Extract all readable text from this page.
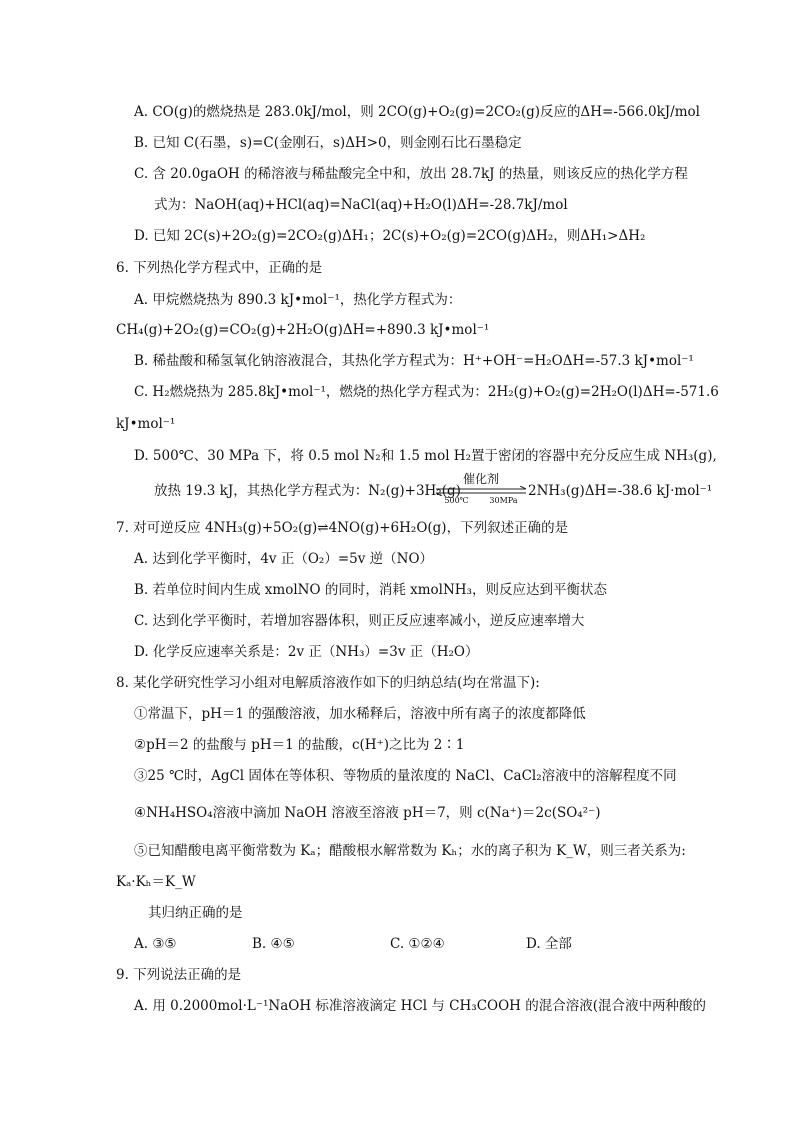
A. CO(g)的燃烧热是 283.0kJ/mol，则 2CO(g)+O₂(g)=2CO₂(g)反应的ΔH=-566.0kJ/mol
B. 已知 C(石墨，s)=C(金刚石，s)ΔH>0，则金刚石比石墨稳定
C. 含 20.0gaOH 的稀溶液与稀盐酸完全中和，放出 28.7kJ 的热量，则该反应的热化学方程
式为：NaOH(aq)+HCl(aq)=NaCl(aq)+H₂O(l)ΔH=-28.7kJ/mol
D. 已知 2C(s)+2O₂(g)=2CO₂(g)ΔH₁；2C(s)+O₂(g)=2CO(g)ΔH₂，则ΔH₁>ΔH₂
6. 下列热化学方程式中，正确的是
A. 甲烷燃烧热为 890.3 kJ•mol⁻¹，热化学方程式为：
CH₄(g)+2O₂(g)=CO₂(g)+2H₂O(g)ΔH=+890.3 kJ•mol⁻¹
B. 稀盐酸和稀氢氧化钠溶液混合，其热化学方程式为：H⁺+OH⁻=H₂OΔH=-57.3 kJ•mol⁻¹
C. H₂燃烧热为 285.8kJ•mol⁻¹，燃烧的热化学方程式为：2H₂(g)+O₂(g)=2H₂O(l)ΔH=-571.6
kJ•mol⁻¹
D. 500℃、30 MPa 下，将 0.5 mol N₂和 1.5 mol H₂置于密闭的容器中充分反应生成 NH₃(g),
放热 19.3 kJ，其热化学方程式为：N₂(g)+3H₂(g)
催化剂
500℃	30MPa
2NH₃(g)ΔH=-38.6 kJ·mol⁻¹
7. 对可逆反应 4NH₃(g)+5O₂(g)⇌4NO(g)+6H₂O(g)，下列叙述正确的是
A. 达到化学平衡时，4v 正（O₂）=5v 逆（NO）
B. 若单位时间内生成 xmolNO 的同时，消耗 xmolNH₃，则反应达到平衡状态
C. 达到化学平衡时，若增加容器体积，则正反应速率减小，逆反应速率增大
D. 化学反应速率关系是：2v 正（NH₃）=3v 正（H₂O）
8. 某化学研究性学习小组对电解质溶液作如下的归纳总结(均在常温下):
①常温下，pH＝1 的强酸溶液，加水稀释后，溶液中所有离子的浓度都降低
②pH＝2 的盐酸与 pH＝1 的盐酸，c(H⁺)之比为 2∶1
③25 ℃时，AgCl 固体在等体积、等物质的量浓度的 NaCl、CaCl₂溶液中的溶解程度不同
④NH₄HSO₄溶液中滴加 NaOH 溶液至溶液 pH＝7，则 c(Na⁺)＝2c(SO₄²⁻)
⑤已知醋酸电离平衡常数为 Kₐ；醋酸根水解常数为 Kₕ；水的离子积为 K_W，则三者关系为:
Kₐ·Kₕ＝K_W
其归纳正确的是
A. ③⑤	B. ④⑤	C. ①②④	D. 全部
9. 下列说法正确的是
A. 用 0.2000mol·L⁻¹NaOH 标准溶液滴定 HCl 与 CH₃COOH 的混合溶液(混合液中两种酸的
